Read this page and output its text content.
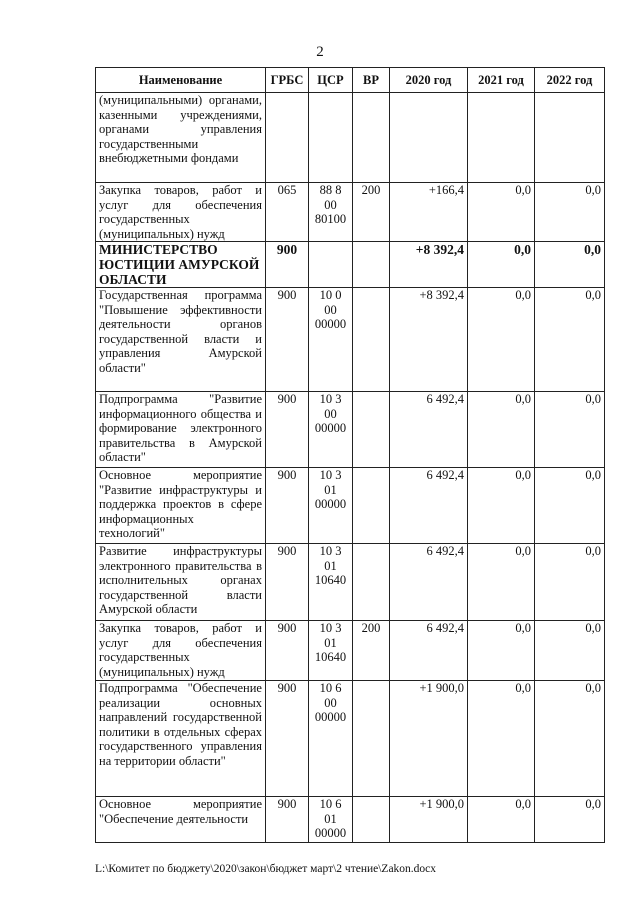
2
Наименование	ГРБС	ЦСР	ВР	2020 год	2021 год	2022 год
(муниципальными) органами, казенными учреждениями, органами управления государственными внебюджетными фондами						
Закупка товаров, работ и услуг для обеспечения государственных (муниципальных) нужд	065	88 8 00 80100	200	+166,4	0,0	0,0
МИНИСТЕРСТВО ЮСТИЦИИ АМУРСКОЙ ОБЛАСТИ	900			+8 392,4	0,0	0,0
Государственная программа "Повышение эффективности деятельности органов государственной власти и управления Амурской области"	900	10 0 00 00000		+8 392,4	0,0	0,0
Подпрограмма "Развитие информационного общества и формирование электронного правительства в Амурской области"	900	10 3 00 00000		6 492,4	0,0	0,0
Основное мероприятие "Развитие инфраструктуры и поддержка проектов в сфере информационных технологий"	900	10 3 01 00000		6 492,4	0,0	0,0
Развитие инфраструктуры электронного правительства в исполнительных органах государственной власти Амурской области	900	10 3 01 10640		6 492,4	0,0	0,0
Закупка товаров, работ и услуг для обеспечения государственных (муниципальных) нужд	900	10 3 01 10640	200	6 492,4	0,0	0,0
Подпрограмма "Обеспечение реализации основных направлений государственной политики в отдельных сферах государственного управления на территории области"	900	10 6 00 00000		+1 900,0	0,0	0,0
Основное мероприятие "Обеспечение деятельности	900	10 6 01 00000		+1 900,0	0,0	0,0
L:\Комитет по бюджету\2020\закон\бюджет март\2 чтение\Zakon.docx
